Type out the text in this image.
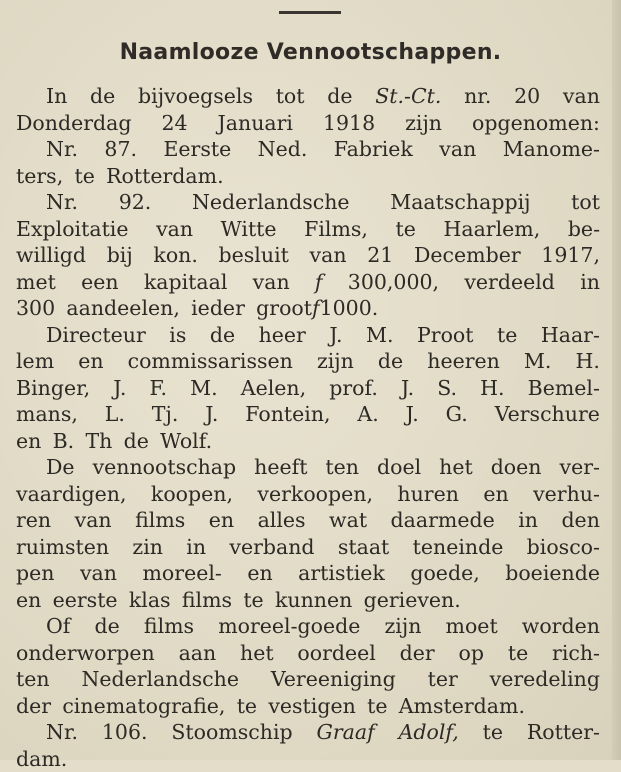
Naamlooze Vennootschappen.
In de bijvoegsels tot de St.-Ct. nr. 20 van
Donderdag 24 Januari 1918 zijn opgenomen:
Nr. 87. Eerste Ned. Fabriek van Manome-
ters, te Rotterdam.
Nr. 92. Nederlandsche Maatschappij tot
Exploitatie van Witte Films, te Haarlem, be-
willigd bij kon. besluit van 21 December 1917,
met een kapitaal van f 300,000, verdeeld in
300 aandeelen, ieder groot f 1000.
Directeur is de heer J. M. Proot te Haar-
lem en commissarissen zijn de heeren M. H.
Binger, J. F. M. Aelen, prof. J. S. H. Bemel-
mans, L. Tj. J. Fontein, A. J. G. Verschure
en B. Th de Wolf.
De vennootschap heeft ten doel het doen ver-
vaardigen, koopen, verkoopen, huren en verhu-
ren van films en alles wat daarmede in den
ruimsten zin in verband staat teneinde biosco-
pen van moreel- en artistiek goede, boeiende
en eerste klas films te kunnen gerieven.
Of de films moreel-goede zijn moet worden
onderworpen aan het oordeel der op te rich-
ten Nederlandsche Vereeniging ter veredeling
der cinematografie, te vestigen te Amsterdam.
Nr. 106. Stoomschip Graaf Adolf, te Rotter-
dam.
